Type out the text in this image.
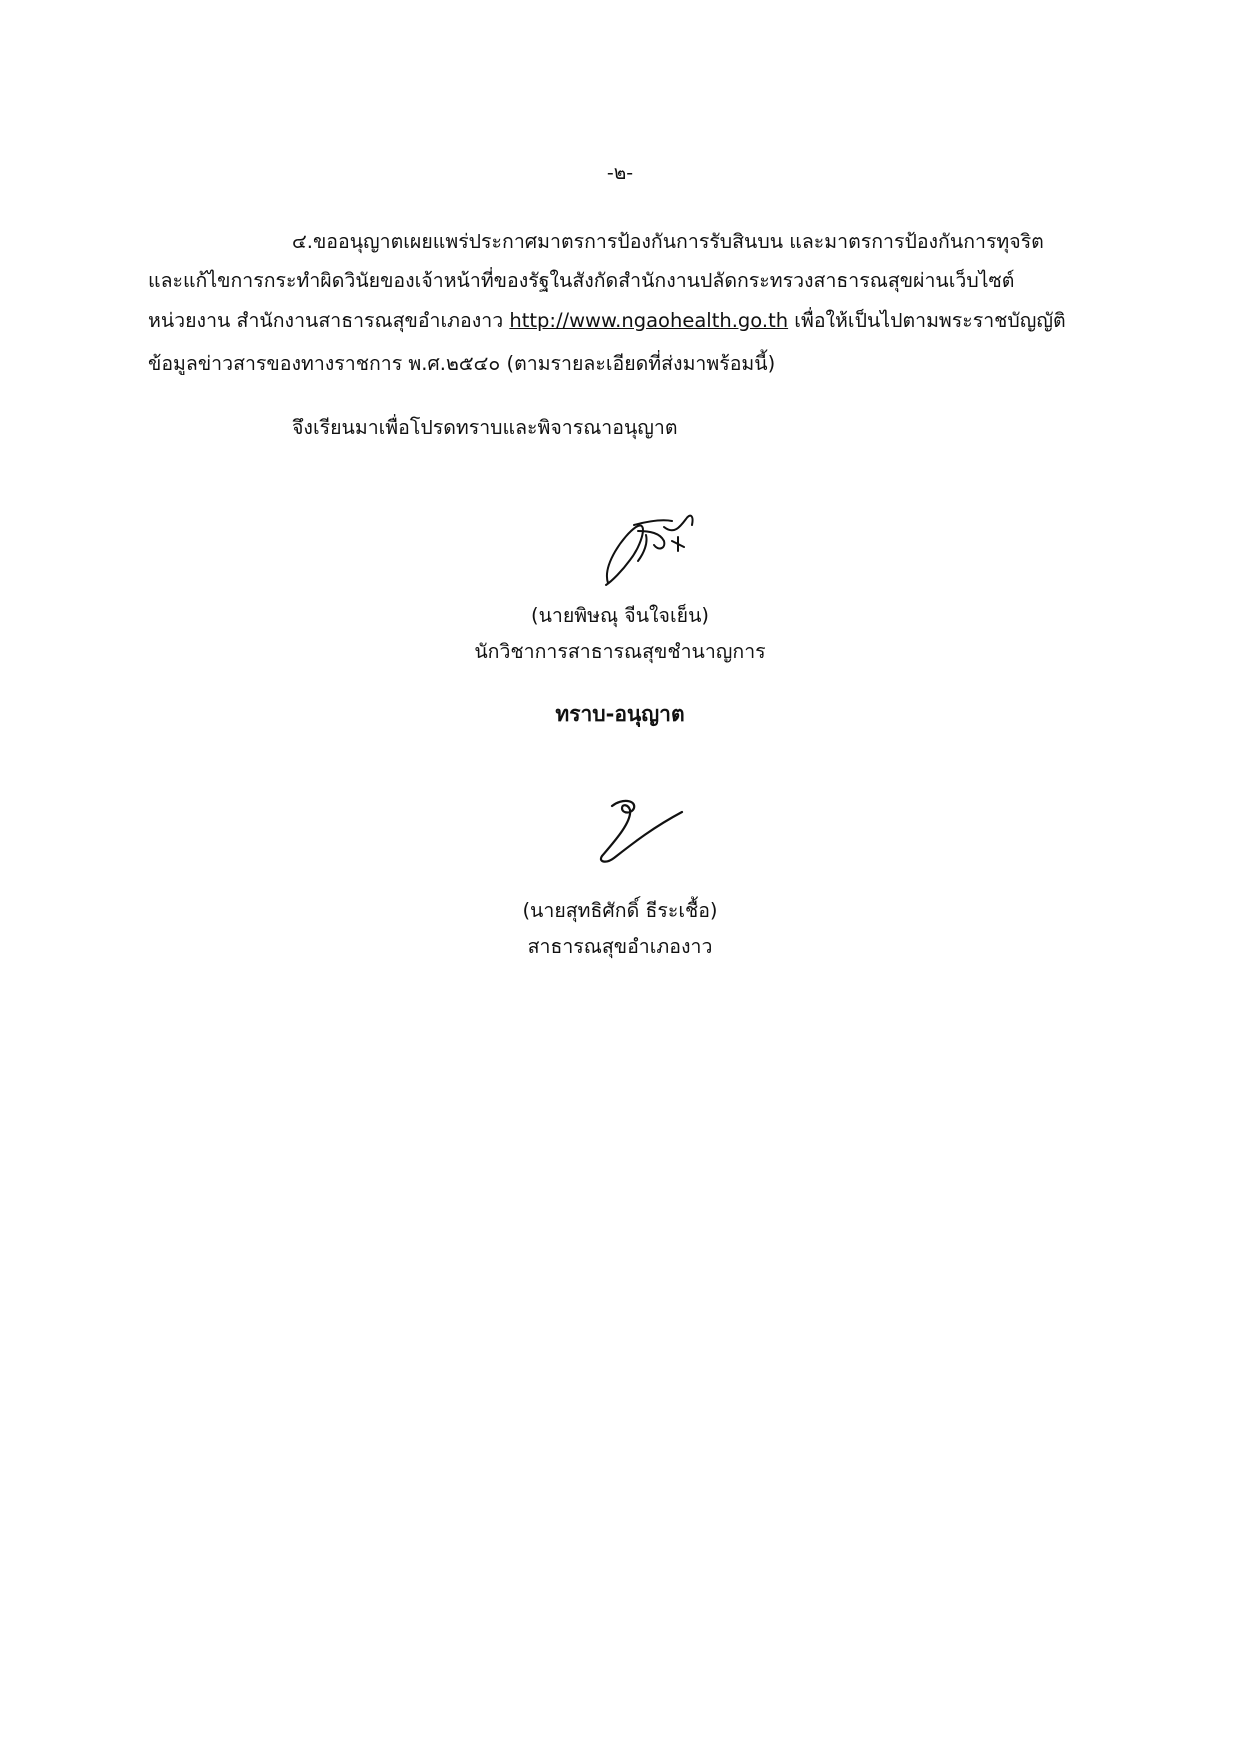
-๒-
๔.ขออนุญาตเผยแพร่ประกาศมาตรการป้องกันการรับสินบน และมาตรการป้องกันการทุจริต
และแก้ไขการกระทำผิดวินัยของเจ้าหน้าที่ของรัฐในสังกัดสำนักงานปลัดกระทรวงสาธารณสุขผ่านเว็บไซต์
หน่วยงาน สำนักงานสาธารณสุขอำเภองาว http://www.ngaohealth.go.th เพื่อให้เป็นไปตามพระราชบัญญัติ
ข้อมูลข่าวสารของทางราชการ พ.ศ.๒๕๔๐ (ตามรายละเอียดที่ส่งมาพร้อมนี้)
จึงเรียนมาเพื่อโปรดทราบและพิจารณาอนุญาต
(นายพิษณุ จีนใจเย็น)
นักวิชาการสาธารณสุขชำนาญการ
ทราบ-อนุญาต
(นายสุทธิศักดิ์ ธีระเชื้อ)
สาธารณสุขอำเภองาว
